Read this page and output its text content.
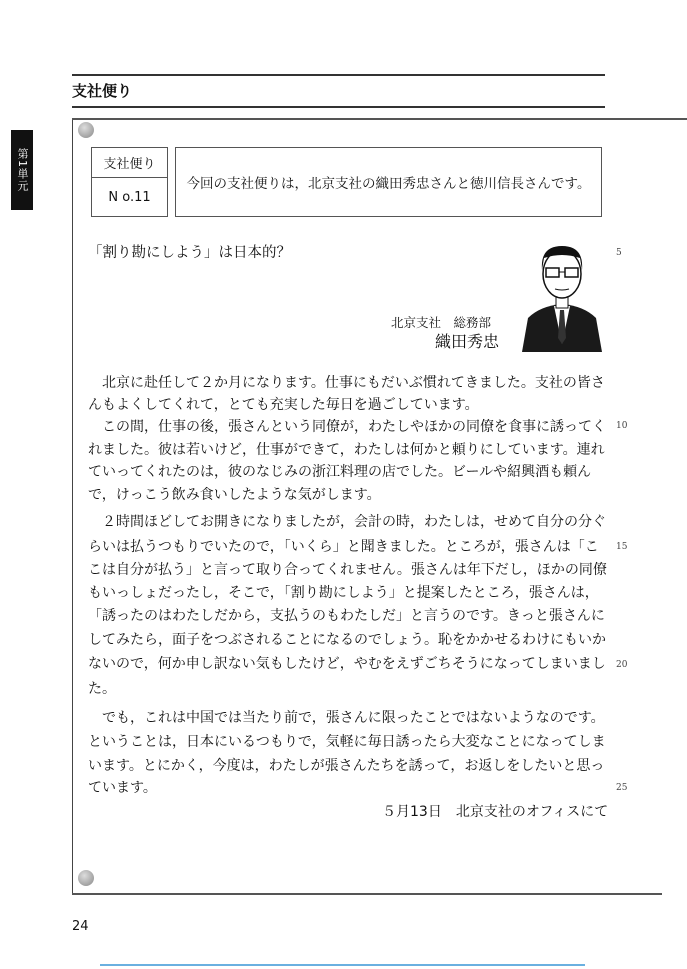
支社便り
第1単元	支社便り
N o.11
今回の支社便りは，北京支社の織田秀忠さんと徳川信長さんです。
「割り勘にしよう」は日本的？
北京支社　総務部
織田秀忠
　北京に赴任して２か月になります。仕事にもだいぶ慣れてきました。支社の皆さ
んもよくしてくれて，とても充実した毎日を過ごしています。
　この間，仕事の後，張さんという同僚が，わたしやほかの同僚を食事に誘ってく
れました。彼は若いけど，仕事ができて，わたしは何かと頼りにしています。連れ
ていってくれたのは，彼のなじみの浙江料理の店でした。ビールや紹興酒も頼ん
で，けっこう飲み食いしたような気がします。
　２時間ほどしてお開きになりましたが，会計の時，わたしは，せめて自分の分ぐ
らいは払うつもりでいたので，「いくら」と聞きました。ところが，張さんは「こ
こは自分が払う」と言って取り合ってくれません。張さんは年下だし，ほかの同僚
もいっしょだったし，そこで，「割り勘にしよう」と提案したところ，張さんは，
「誘ったのはわたしだから，支払うのもわたしだ」と言うのです。きっと張さんに
してみたら，面子をつぶされることになるのでしょう。恥をかかせるわけにもいか
ないので，何か申し訳ない気もしたけど，やむをえずごちそうになってしまいまし
た。
　でも，これは中国では当たり前で，張さんに限ったことではないようなのです。
ということは，日本にいるつもりで，気軽に毎日誘ったら大変なことになってしま
います。とにかく，今度は，わたしが張さんたちを誘って，お返しをしたいと思っ
ています。
５月13日　北京支社のオフィスにて
5
10
15
20
25
24
